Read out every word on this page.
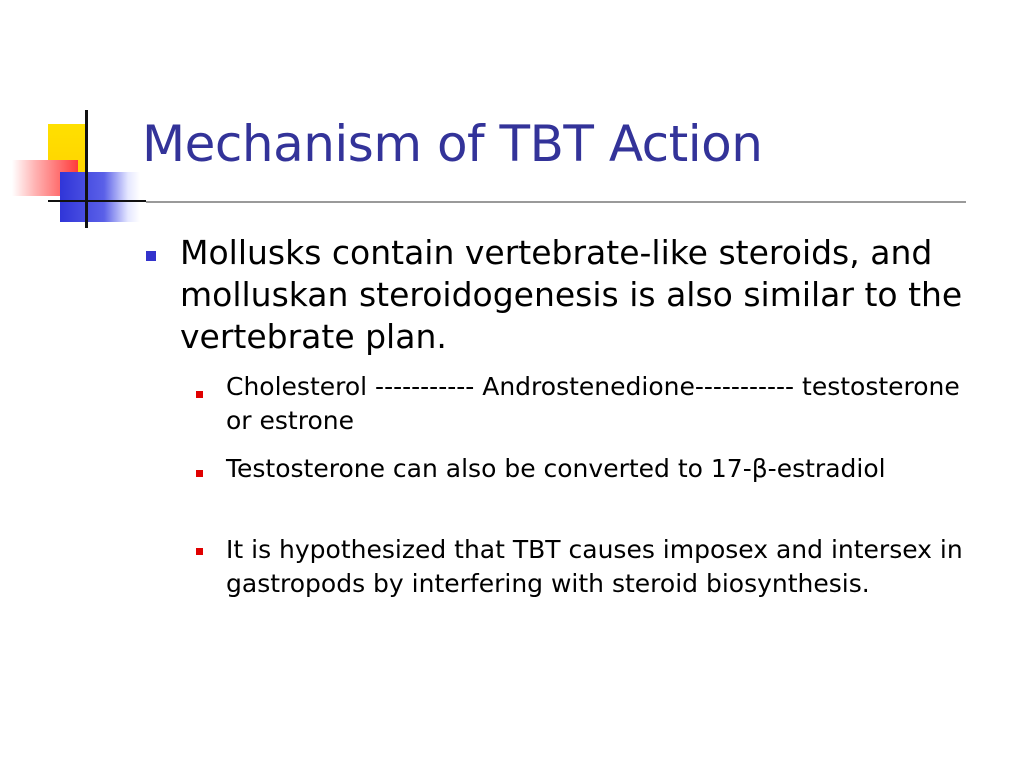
Mechanism of TBT Action
Mollusks contain vertebrate-like steroids, and molluskan steroidogenesis is also similar to the vertebrate plan.
Cholesterol ----------- Androstenedione----------- testosterone or estrone
Testosterone can also be converted to 17-β-estradiol
It is hypothesized that TBT causes imposex and intersex in gastropods by interfering with steroid biosynthesis.
